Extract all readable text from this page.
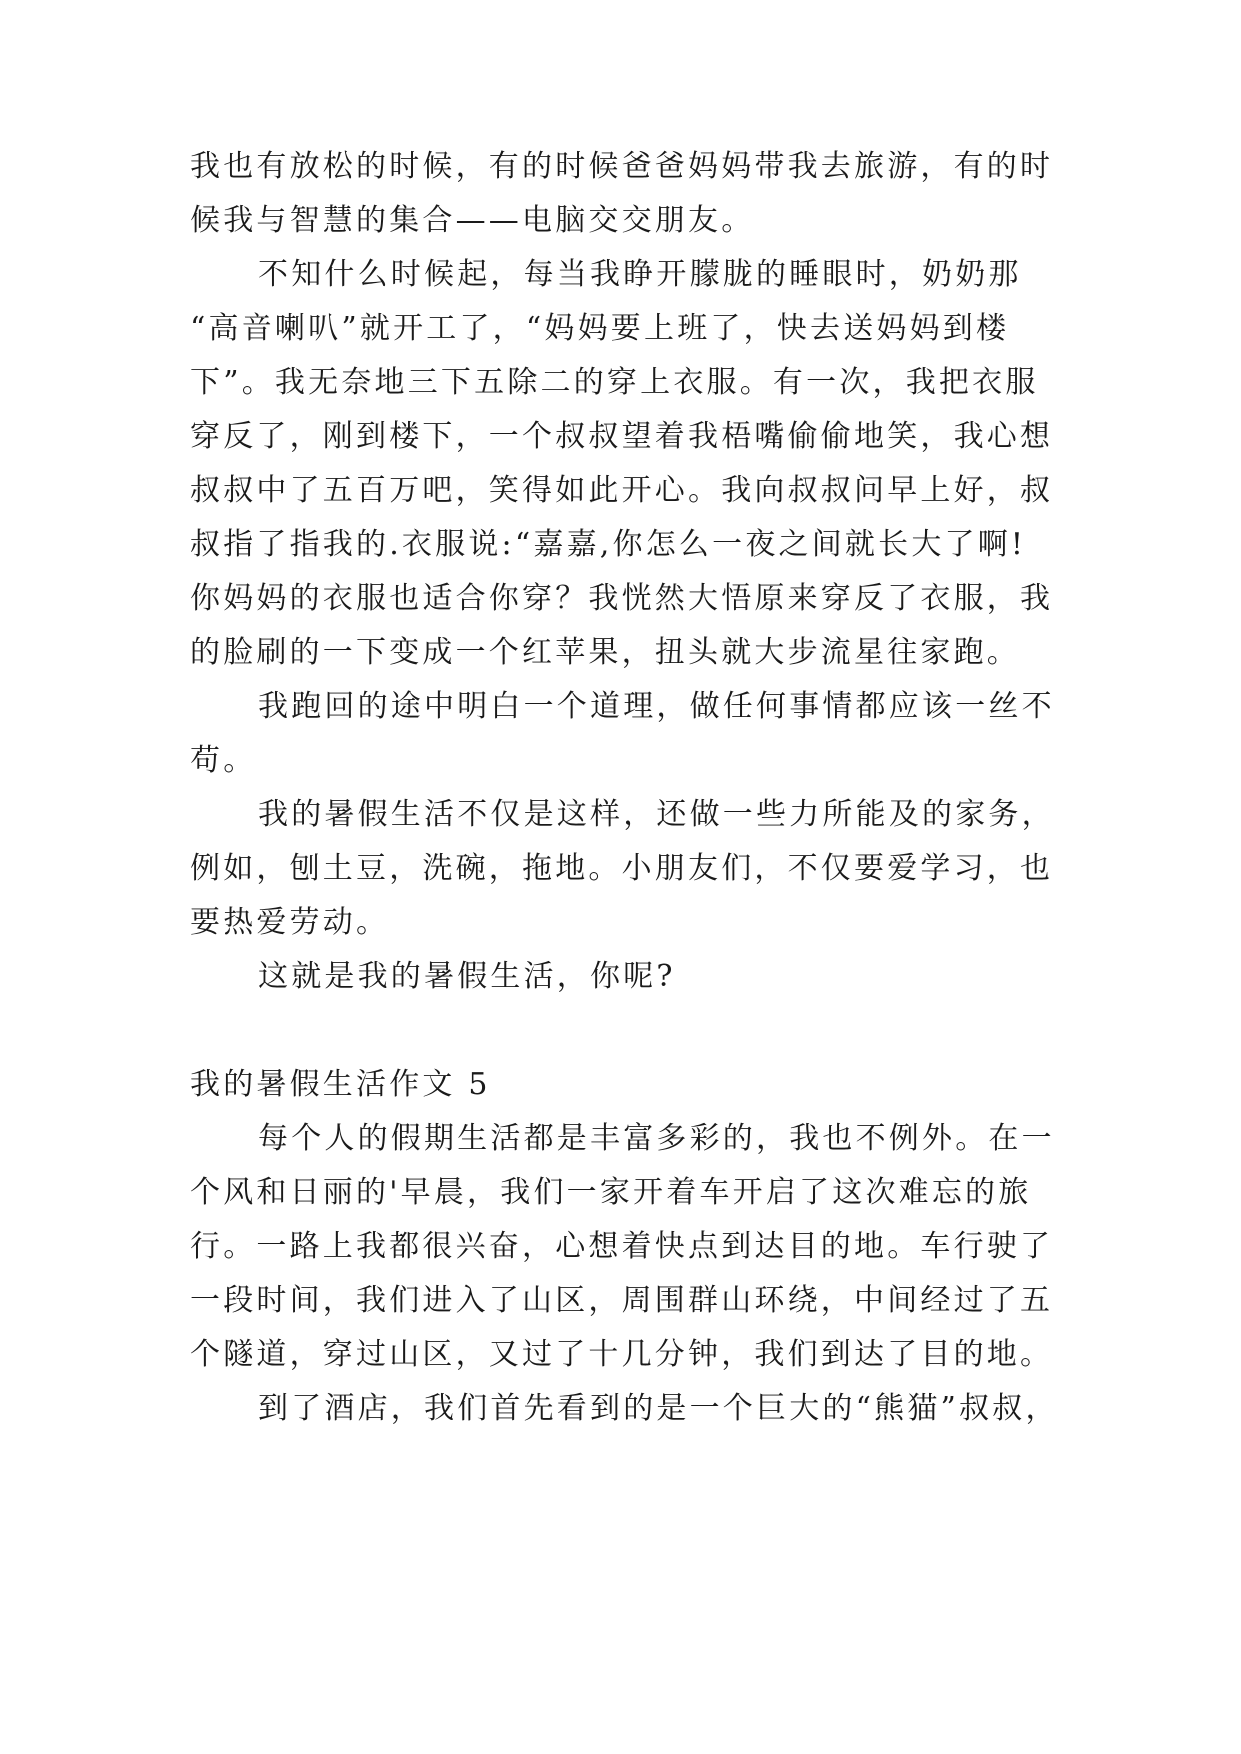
我也有放松的时候，有的时候爸爸妈妈带我去旅游，有的时
候我与智慧的集合——电脑交交朋友。
不知什么时候起，每当我睁开朦胧的睡眼时，奶奶那
“高音喇叭”就开工了，“妈妈要上班了，快去送妈妈到楼
下”。我无奈地三下五除二的穿上衣服。有一次，我把衣服
穿反了，刚到楼下，一个叔叔望着我梧嘴偷偷地笑，我心想
叔叔中了五百万吧，笑得如此开心。我向叔叔问早上好，叔
叔指了指我的.衣服说:“嘉嘉,你怎么一夜之间就长大了啊!
你妈妈的衣服也适合你穿？我恍然大悟原来穿反了衣服，我
的脸刷的一下变成一个红苹果，扭头就大步流星往家跑。
我跑回的途中明白一个道理，做任何事情都应该一丝不
苟。
我的暑假生活不仅是这样，还做一些力所能及的家务，
例如，刨土豆，洗碗，拖地。小朋友们，不仅要爱学习，也
要热爱劳动。
这就是我的暑假生活，你呢?
我的暑假生活作文 5
每个人的假期生活都是丰富多彩的，我也不例外。在一
个风和日丽的'早晨，我们一家开着车开启了这次难忘的旅
行。一路上我都很兴奋，心想着快点到达目的地。车行驶了
一段时间，我们进入了山区，周围群山环绕，中间经过了五
个隧道，穿过山区，又过了十几分钟，我们到达了目的地。
到了酒店，我们首先看到的是一个巨大的“熊猫”叔叔，
